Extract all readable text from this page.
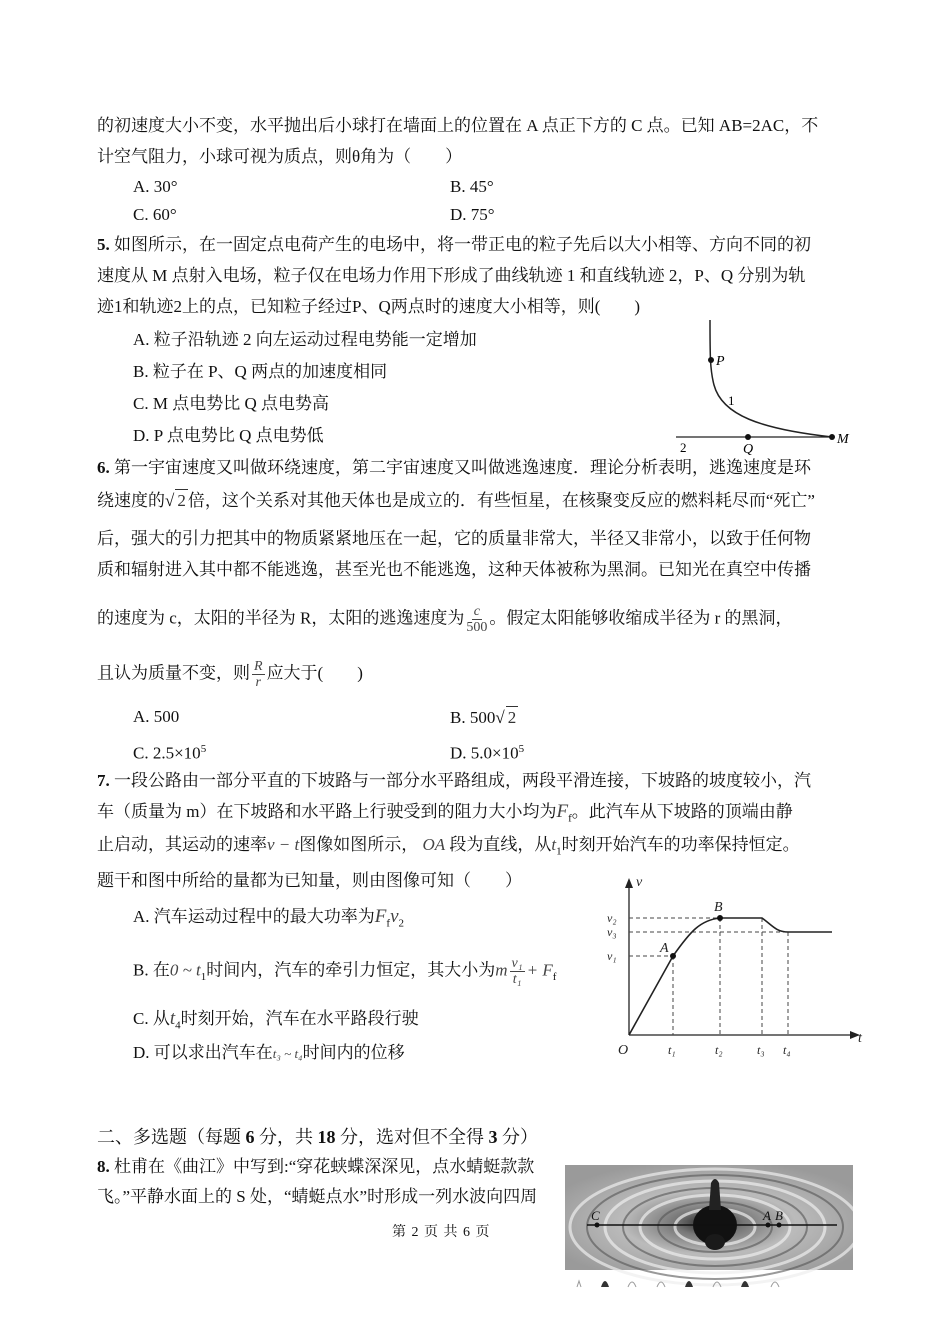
的初速度大小不变，水平抛出后小球打在墙面上的位置在 A 点正下方的 C 点。已知 AB=2AC，不
计空气阻力，小球可视为质点，则θ角为（　　）
A. 30°	B. 45°
C. 60°	D. 75°
5. 如图所示，在一固定点电荷产生的电场中，将一带正电的粒子先后以大小相等、方向不同的初
速度从 M 点射入电场，粒子仅在电场力作用下形成了曲线轨迹 1 和直线轨迹 2，P、Q 分别为轨
迹1和轨迹2上的点，已知粒子经过P、Q两点时的速度大小相等，则(　　)
A. 粒子沿轨迹 2 向左运动过程电势能一定增加
B. 粒子在 P、Q 两点的加速度相同
C. M 点电势比 Q 点电势高
D. P 点电势比 Q 点电势低
P
1
2	Q
M
6. 第一宇宙速度又叫做环绕速度，第二宇宙速度又叫做逃逸速度．理论分析表明，逃逸速度是环
绕速度的√ 2 倍，这个关系对其他天体也是成立的．有些恒星，在核聚变反应的燃料耗尽而“死亡”
后，强大的引力把其中的物质紧紧地压在一起，它的质量非常大，半径又非常小，以致于任何物
质和辐射进入其中都不能逃逸，甚至光也不能逃逸，这种天体被称为黑洞。已知光在真空中传播
的速度为 c，太阳的半径为 R，太阳的逃逸速度为 $\frac{c}{500}$ 。假定太阳能够收缩成半径为 r 的黑洞，
且认为质量不变，则 $\frac{R}{r}$ 应大于(　　)
A. 500	B. 500√ 2
C. $2.5\times 10^5$	D. $5.0\times 10^5$
7. 一段公路由一部分平直的下坡路与一部分水平路组成，两段平滑连接，下坡路的坡度较小，汽
车（质量为 m）在下坡路和水平路上行驶受到的阻力大小均为$F_f$。此汽车从下坡路的顶端由静
止启动，其运动的速率v − t图像如图所示， OA 段为直线，从$t_1$时刻开始汽车的功率保持恒定。
题干和图中所给的量都为已知量，则由图像可知（　　）
A. 汽车运动过程中的最大功率为$F_fv_2$
B. 在0 ~ $t_1$时间内，汽车的牵引力恒定，其大小为m $\frac{\text{v₁}}{\text{t₁}} + F_f$
C. 从$t_4$时刻开始，汽车在水平路段行驶
D. 可以求出汽车在t₃ ~ t₄时间内的位移
v
t
O
v₂
v₃
v₁
t₁	t₂	t₃ t₄
A
B
二、多选题（每题 6 分，共 18 分，选对但不全得 3 分）
8. 杜甫在《曲江》中写到:“穿花蛱蝶深深见，点水蜻蜓款款
飞。”平静水面上的 S 处，“蜻蜓点水”时形成一列水波向四周
C	A B
第 2 页 共 6 页
